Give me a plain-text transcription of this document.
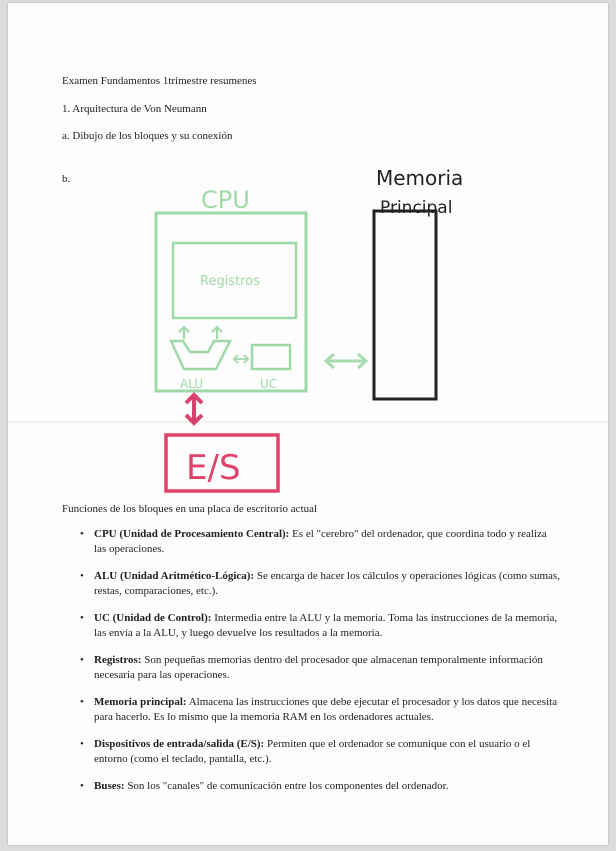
Examen Fundamentos 1trimestre resumenes
1. Arquitectura de Von Neumann
a. Dibujo de los bloques y su conexión
b.
CPU
Registros
ALU	UC
Memoria
Principal
E/S
Funciones de los bloques en una placa de escritorio actual
• CPU (Unidad de Procesamiento Central): Es el "cerebro" del ordenador, que coordina todo y realiza las operaciones.
• ALU (Unidad Aritmético-Lógica): Se encarga de hacer los cálculos y operaciones lógicas (como sumas, restas, comparaciones, etc.).
• UC (Unidad de Control): Intermedia entre la ALU y la memoria. Toma las instrucciones de la memoria, las envía a la ALU, y luego devuelve los resultados a la memoria.
• Registros: Son pequeñas memorias dentro del procesador que almacenan temporalmente información necesaria para las operaciones.
• Memoria principal: Almacena las instrucciones que debe ejecutar el procesador y los datos que necesita para hacerlo. Es lo mismo que la memoria RAM en los ordenadores actuales.
• Dispositivos de entrada/salida (E/S): Permiten que el ordenador se comunique con el usuario o el entorno (como el teclado, pantalla, etc.).
• Buses: Son los "canales" de comunicación entre los componentes del ordenador.
